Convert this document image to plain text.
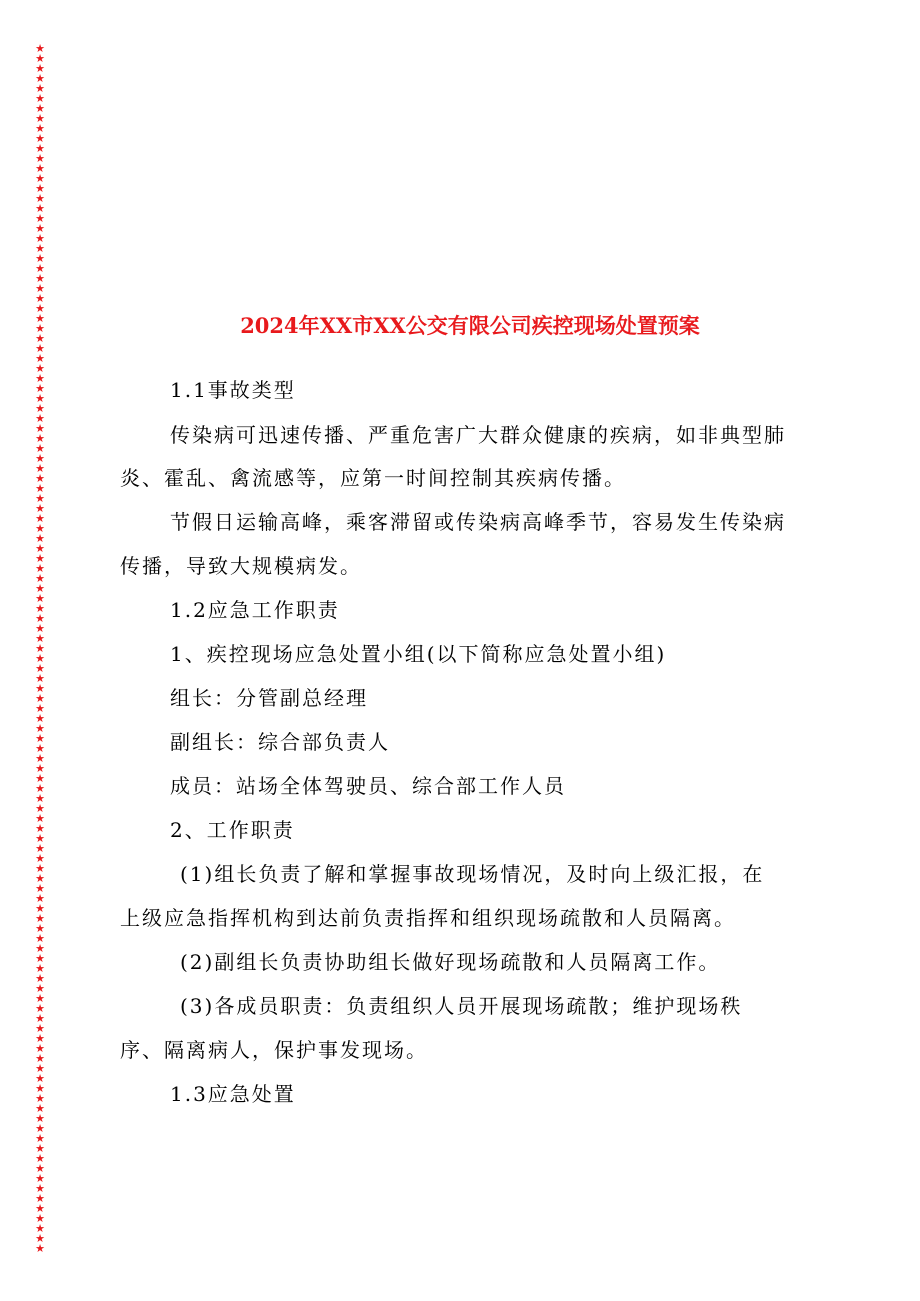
★
★
★
★
★
★
★
★
★
★
★
★
★
★
★
★
★
★
★
★
★
★
★
★
★
★
★
★
★
★
★
★
★
★
★
★
★
★
★
★
★
★
★
★
★
★
★
★
★
★
★
★
★
★
★
★
★
★
★
★
★
★
★
★
★
★
★
★
★
★
★
★
★
★
★
★
★
★
★
★
★
★
★
★
★
★
★
★
★
★
★
★
★
★
★
★
★
★
★
★
★
★
★
★
★
★
★
★
★
★
★
★
★
★
★
★
★
★
★
★
★
2024年XX市XX公交有限公司疾控现场处置预案
1.1事故类型
传染病可迅速传播、严重危害广大群众健康的疾病，如非典型肺
炎、霍乱、禽流感等，应第一时间控制其疾病传播。
节假日运输高峰，乘客滞留或传染病高峰季节，容易发生传染病
传播，导致大规模病发。
1.2应急工作职责
1、疾控现场应急处置小组(以下简称应急处置小组)
组长：分管副总经理
副组长：综合部负责人
成员：站场全体驾驶员、综合部工作人员
2、工作职责
(1)组长负责了解和掌握事故现场情况，及时向上级汇报，在
上级应急指挥机构到达前负责指挥和组织现场疏散和人员隔离。
(2)副组长负责协助组长做好现场疏散和人员隔离工作。
(3)各成员职责：负责组织人员开展现场疏散；维护现场秩
序、隔离病人，保护事发现场。
1.3应急处置
